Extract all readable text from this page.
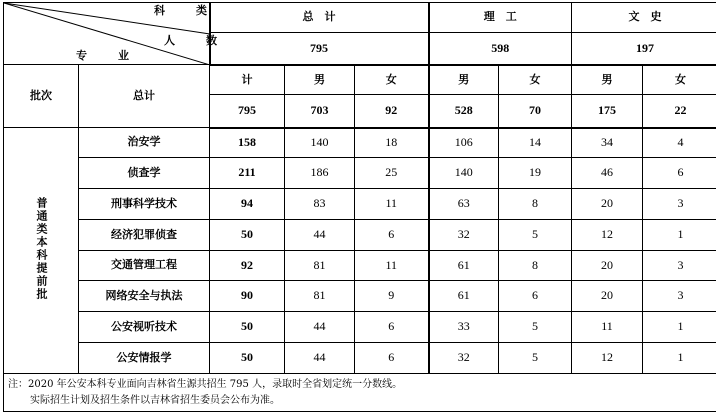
科　类
人　数
专　业		总　计			理　工		文　史	
		795			598		197	
批次	总计	计	男	女	男	女	男	女
		795	703	92	528	70	175	22
普通类本科提前批	治安学	158	140	18	106	14	34	4
	侦查学	211	186	25	140	19	46	6
	刑事科学技术	94	83	11	63	8	20	3
	经济犯罪侦查	50	44	6	32	5	12	1
	交通管理工程	92	81	11	61	8	20	3
	网络安全与执法	90	81	9	61	6	20	3
	公安视听技术	50	44	6	33	5	11	1
	公安情报学	50	44	6	32	5	12	1

注：2020 年公安本科专业面向吉林省生源共招生 795 人，录取时全省划定统一分数线。
实际招生计划及招生条件以吉林省招生委员会公布为准。								
